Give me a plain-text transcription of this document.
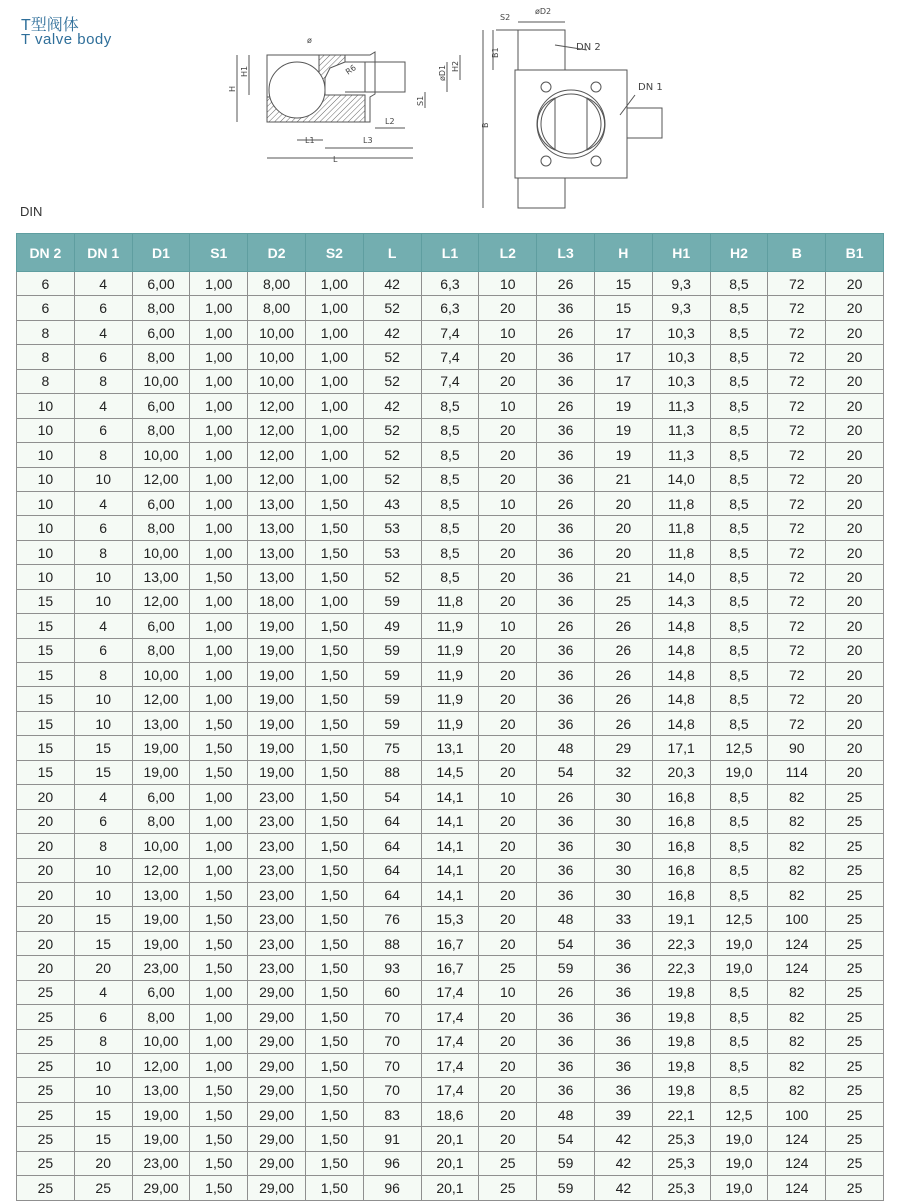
T型阀体
T valve body	ø
H1
H
øD1 H2
S1
L2
L1	L3
L
R6
S2
øD2
DN 2
DN 1
B1
B
DIN
DN 2	DN 1	D1	S1	D2	S2	L	L1	L2	L3	H	H1	H2	B	B1
6	4	6,00	1,00	8,00	1,00	42	6,3	10	26	15	9,3	8,5	72	20
6	6	8,00	1,00	8,00	1,00	52	6,3	20	36	15	9,3	8,5	72	20
8	4	6,00	1,00	10,00	1,00	42	7,4	10	26	17	10,3	8,5	72	20
8	6	8,00	1,00	10,00	1,00	52	7,4	20	36	17	10,3	8,5	72	20
8	8	10,00	1,00	10,00	1,00	52	7,4	20	36	17	10,3	8,5	72	20
10	4	6,00	1,00	12,00	1,00	42	8,5	10	26	19	11,3	8,5	72	20
10	6	8,00	1,00	12,00	1,00	52	8,5	20	36	19	11,3	8,5	72	20
10	8	10,00	1,00	12,00	1,00	52	8,5	20	36	19	11,3	8,5	72	20
10	10	12,00	1,00	12,00	1,00	52	8,5	20	36	21	14,0	8,5	72	20
10	4	6,00	1,00	13,00	1,50	43	8,5	10	26	20	11,8	8,5	72	20
10	6	8,00	1,00	13,00	1,50	53	8,5	20	36	20	11,8	8,5	72	20
10	8	10,00	1,00	13,00	1,50	53	8,5	20	36	20	11,8	8,5	72	20
10	10	13,00	1,50	13,00	1,50	52	8,5	20	36	21	14,0	8,5	72	20
15	10	12,00	1,00	18,00	1,00	59	11,8	20	36	25	14,3	8,5	72	20
15	4	6,00	1,00	19,00	1,50	49	11,9	10	26	26	14,8	8,5	72	20
15	6	8,00	1,00	19,00	1,50	59	11,9	20	36	26	14,8	8,5	72	20
15	8	10,00	1,00	19,00	1,50	59	11,9	20	36	26	14,8	8,5	72	20
15	10	12,00	1,00	19,00	1,50	59	11,9	20	36	26	14,8	8,5	72	20
15	10	13,00	1,50	19,00	1,50	59	11,9	20	36	26	14,8	8,5	72	20
15	15	19,00	1,50	19,00	1,50	75	13,1	20	48	29	17,1	12,5	90	20
15	15	19,00	1,50	19,00	1,50	88	14,5	20	54	32	20,3	19,0	114	20
20	4	6,00	1,00	23,00	1,50	54	14,1	10	26	30	16,8	8,5	82	25
20	6	8,00	1,00	23,00	1,50	64	14,1	20	36	30	16,8	8,5	82	25
20	8	10,00	1,00	23,00	1,50	64	14,1	20	36	30	16,8	8,5	82	25
20	10	12,00	1,00	23,00	1,50	64	14,1	20	36	30	16,8	8,5	82	25
20	10	13,00	1,50	23,00	1,50	64	14,1	20	36	30	16,8	8,5	82	25
20	15	19,00	1,50	23,00	1,50	76	15,3	20	48	33	19,1	12,5	100	25
20	15	19,00	1,50	23,00	1,50	88	16,7	20	54	36	22,3	19,0	124	25
20	20	23,00	1,50	23,00	1,50	93	16,7	25	59	36	22,3	19,0	124	25
25	4	6,00	1,00	29,00	1,50	60	17,4	10	26	36	19,8	8,5	82	25
25	6	8,00	1,00	29,00	1,50	70	17,4	20	36	36	19,8	8,5	82	25
25	8	10,00	1,00	29,00	1,50	70	17,4	20	36	36	19,8	8,5	82	25
25	10	12,00	1,00	29,00	1,50	70	17,4	20	36	36	19,8	8,5	82	25
25	10	13,00	1,50	29,00	1,50	70	17,4	20	36	36	19,8	8,5	82	25
25	15	19,00	1,50	29,00	1,50	83	18,6	20	48	39	22,1	12,5	100	25
25	15	19,00	1,50	29,00	1,50	91	20,1	20	54	42	25,3	19,0	124	25
25	20	23,00	1,50	29,00	1,50	96	20,1	25	59	42	25,3	19,0	124	25
25	25	29,00	1,50	29,00	1,50	96	20,1	25	59	42	25,3	19,0	124	25
